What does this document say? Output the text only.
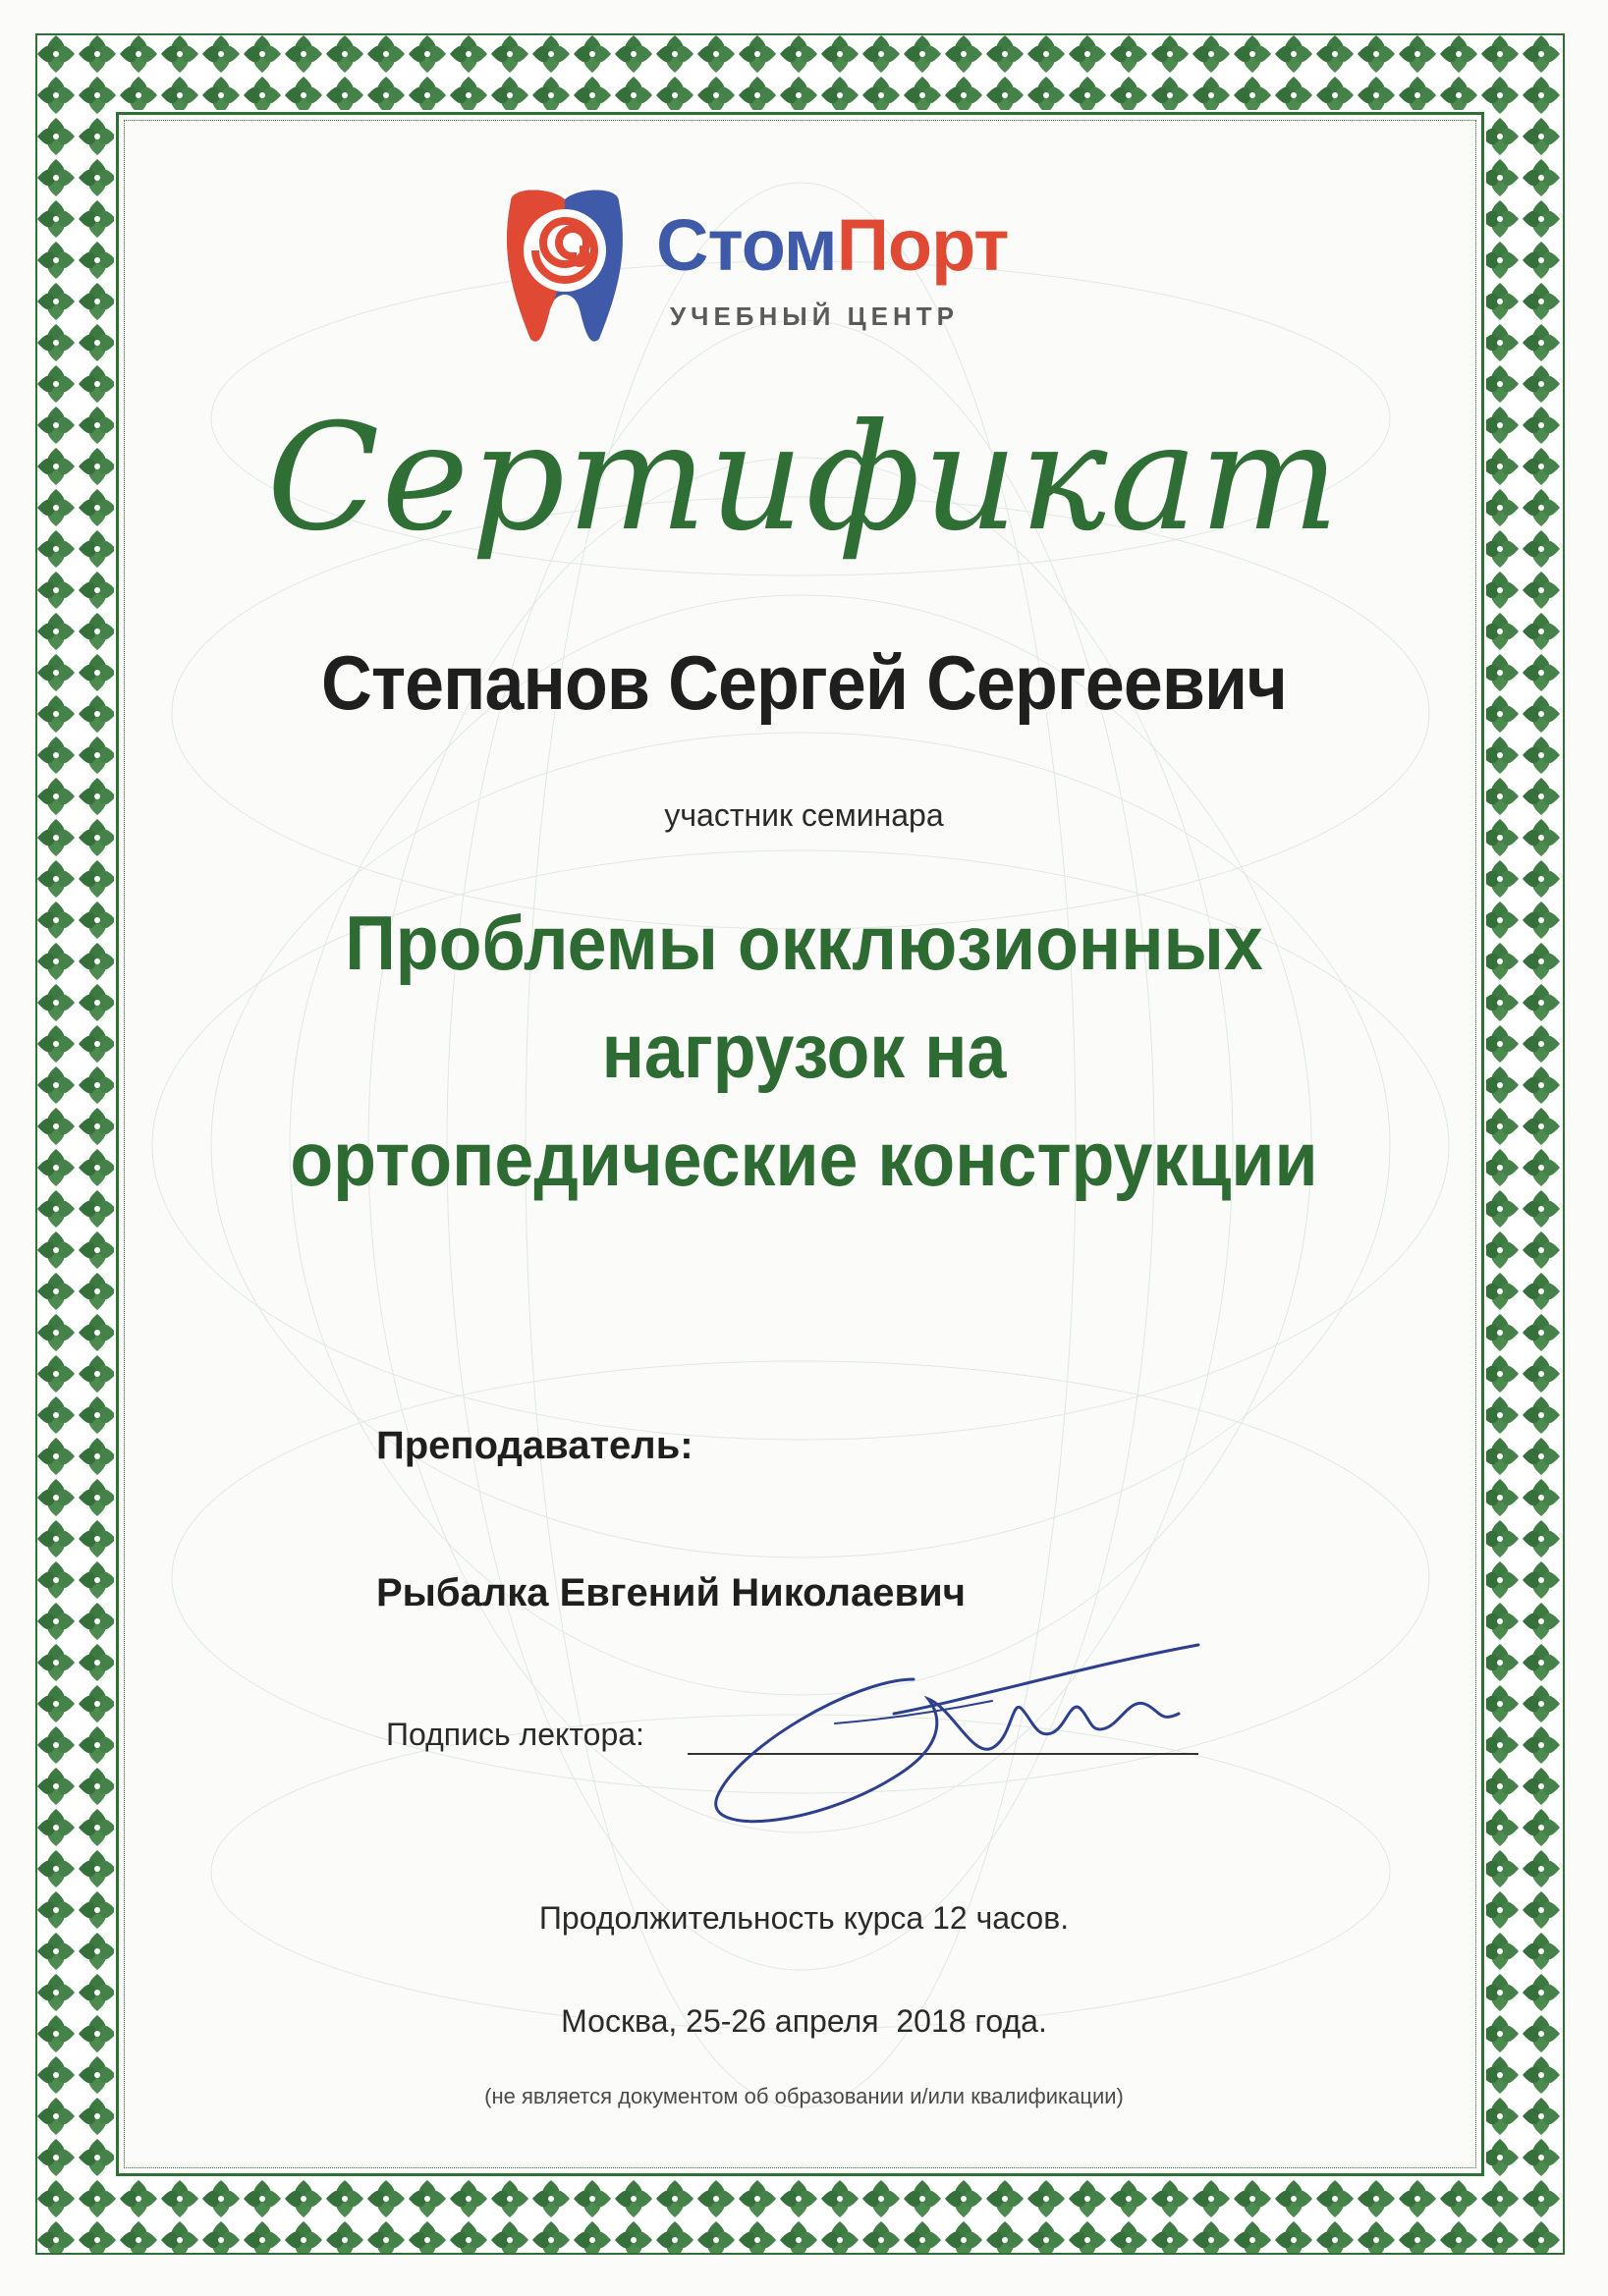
СтомПорт
УЧЕБНЫЙ ЦЕНТР
Сертификат
Степанов Сергей Сергеевич
участник семинара
Проблемы окклюзионных
нагрузок на
ортопедические конструкции
Преподаватель:
Рыбалка Евгений Николаевич
Подпись лектора:
Продолжительность курса 12 часов.
Москва, 25-26 апреля  2018 года.
(не является документом об образовании и/или квалификации)
